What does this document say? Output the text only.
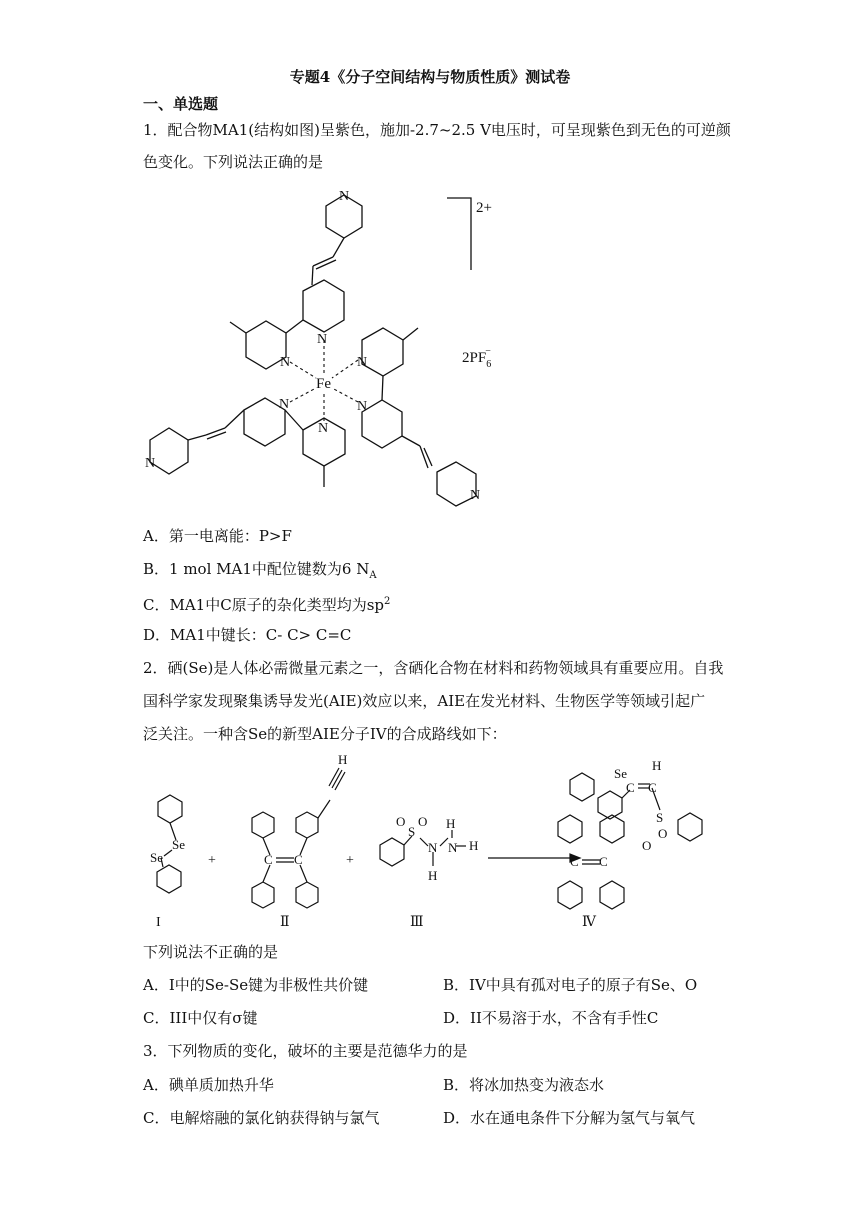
专题4《分子空间结构与物质性质》测试卷
一、单选题
1．配合物MA1(结构如图)呈紫色，施加-2.7~2.5 V电压时，可呈现紫色到无色的可逆颜
色变化。下列说法正确的是
N
N
N	N
N	N
N
N
N
Fe
2+
$2PF_6-$
A．第一电离能：P>F
B．1 mol MA1中配位键数为6 $N_A$
C．MA1中C原子的杂化类型均为$sp^2$
D．MA1中键长：C- C> C=C
2．硒(Se)是人体必需微量元素之一，含硒化合物在材料和药物领域具有重要应用。自我
国科学家发现聚集诱导发光(AIE)效应以来，AIE在发光材料、生物医学等领域引起广
泛关注。一种含Se的新型AIE分子IV的合成路线如下：
Se
Se	C C
H
S
O O
N N
H
H
H
Se
H
C C
S
O
O
C C
+	+
I	Ⅱ	Ⅲ	Ⅳ
下列说法不正确的是
A．I中的Se-Se键为非极性共价键	B．IV中具有孤对电子的原子有Se、O
C．III中仅有σ键	D．II不易溶于水，不含有手性C
3．下列物质的变化，破坏的主要是范德华力的是
A．碘单质加热升华	B．将冰加热变为液态水
C．电解熔融的氯化钠获得钠与氯气	D．水在通电条件下分解为氢气与氧气
